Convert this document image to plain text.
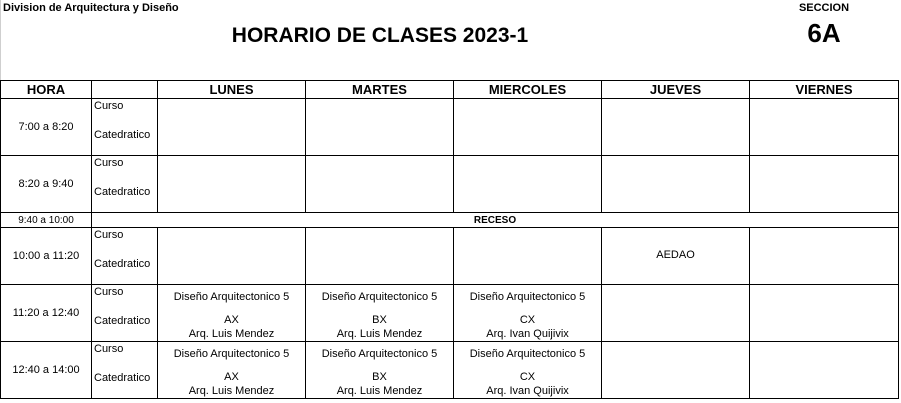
Division de Arquitectura y Diseño
HORARIO DE CLASES 2023-1
SECCION
6A
HORA		LUNES	MARTES	MIERCOLES	JUEVES	VIERNES
7:00 a 8:20	Curso
Catedratico					

8:20 a 9:40	Curso
Catedratico					

9:40 a 10:00	RECESO					
10:00 a 11:20	Curso
Catedratico				AEDAO	

11:20 a 12:40	Curso
Catedratico	Diseño Arquitectonico 5
AX
Arq. Luis Mendez	Diseño Arquitectonico 5
BX
Arq. Luis Mendez	Diseño Arquitectonico 5
CX
Arq. Ivan Quijivix		

12:40 a 14:00	Curso
Catedratico	Diseño Arquitectonico 5
AX
Arq. Luis Mendez	Diseño Arquitectonico 5
BX
Arq. Luis Mendez	Diseño Arquitectonico 5
CX
Arq. Ivan Quijivix		
